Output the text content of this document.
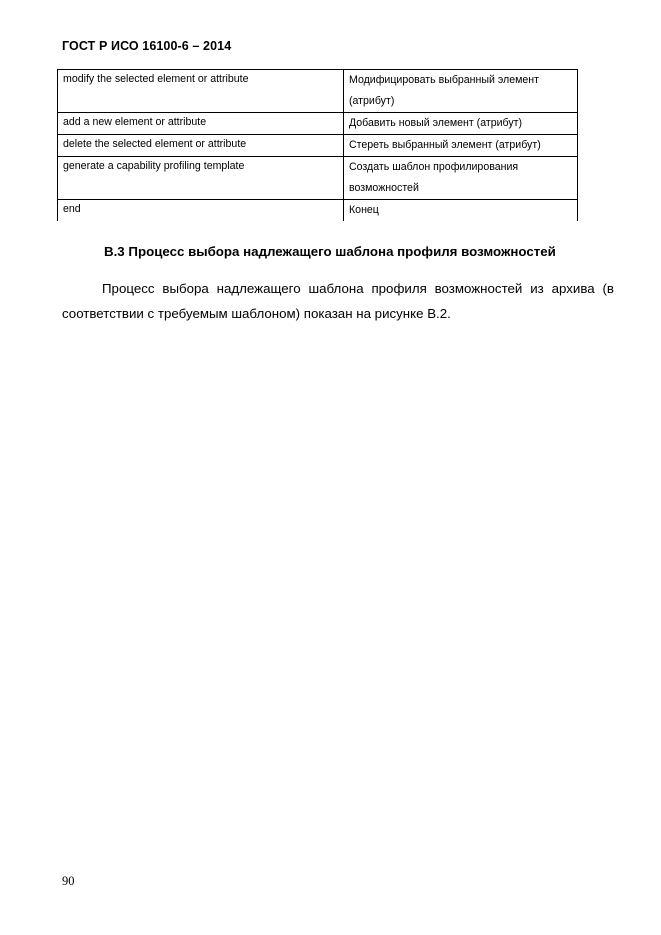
ГОСТ Р ИСО 16100-6 – 2014
modify the selected element or attribute	Модифицировать выбранный элемент (атрибут)

add a new element or attribute	Добавить новый элемент (атрибут)

delete the selected element or attribute	Стереть выбранный элемент (атрибут)

generate a capability profiling template	Создать шаблон профилирования возможностей

end	Конец
В.3 Процесс выбора надлежащего шаблона профиля возможностей

Процесс выбора надлежащего шаблона профиля возможностей из архива (в соответствии с требуемым шаблоном) показан на рисунке В.2.

90
